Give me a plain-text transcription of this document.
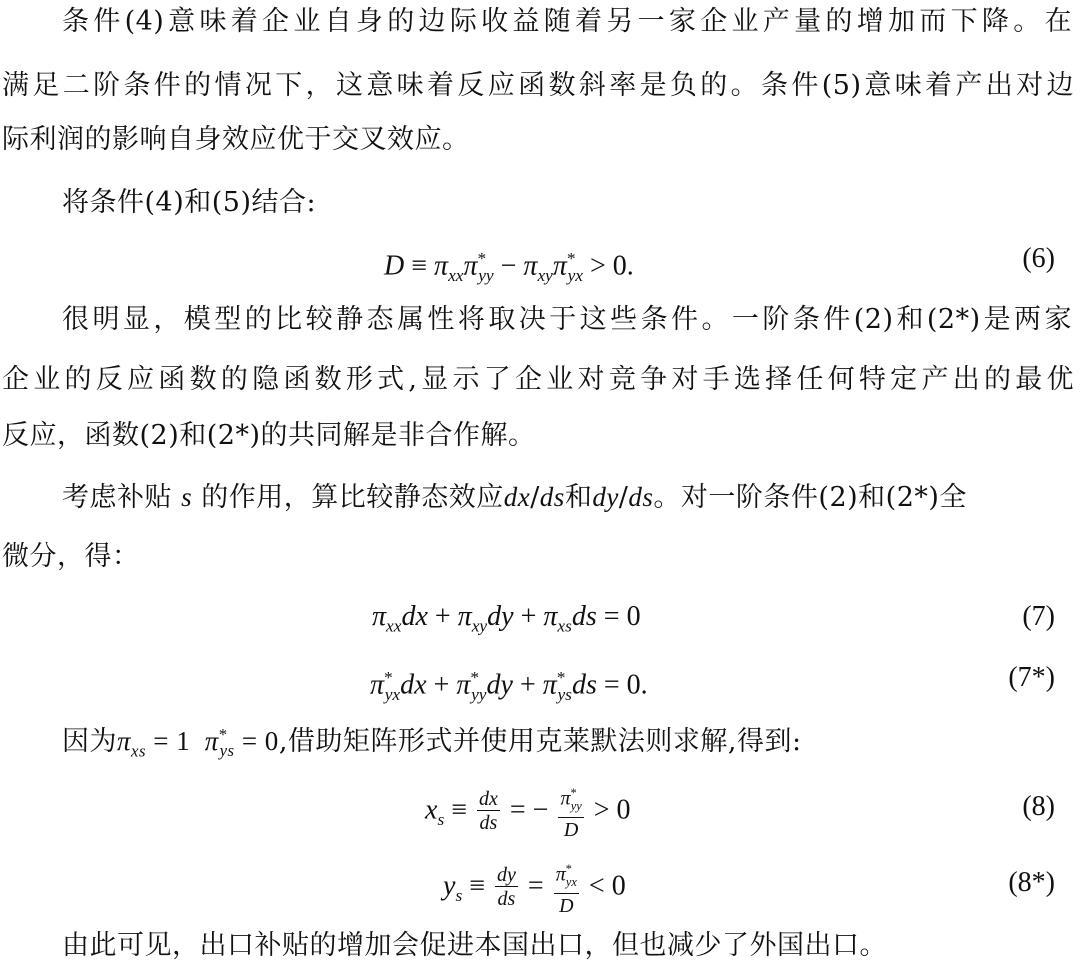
条件(4)意味着企业自身的边际收益随着另一家企业产量的增加而下降。在
满足二阶条件的情况下，这意味着反应函数斜率是负的。条件(5)意味着产出对边
际利润的影响自身效应优于交叉效应。
将条件(4)和(5)结合:
$D \equiv \pi_{xx}\pi^*_{yy} - \pi_{xy}\pi^*_{yx} > 0$.	(6)
很明显，模型的比较静态属性将取决于这些条件。一阶条件(2)和(2*)是两家
企业的反应函数的隐函数形式,显示了企业对竞争对手选择任何特定产出的最优
反应，函数(2)和(2*)的共同解是非合作解。
考虑补贴 s 的作用，算比较静态效应dx/ds和dy/ds。对一阶条件(2)和(2*)全
微分，得：
$\pi_{xx}dx + \pi_{xy}dy + \pi_{xs}ds = 0$	(7)
$\pi^*_{yx}dx + \pi^*_{yy}dy + \pi^*_{ys}ds = 0$.	(7*)
因为$\pi_{xs} = 1$  $\pi^*_{ys} = 0$,借助矩阵形式并使用克莱默法则求解,得到:
$x_s \equiv \frac{dx}{ds}$ = − $\frac{\pi^*_{yy}}{D} > 0$	(8)
$y_s \equiv \frac{dy}{ds} = \frac{\pi^*_{yx}}{D} < 0$	(8*)
由此可见，出口补贴的增加会促进本国出口，但也减少了外国出口。
